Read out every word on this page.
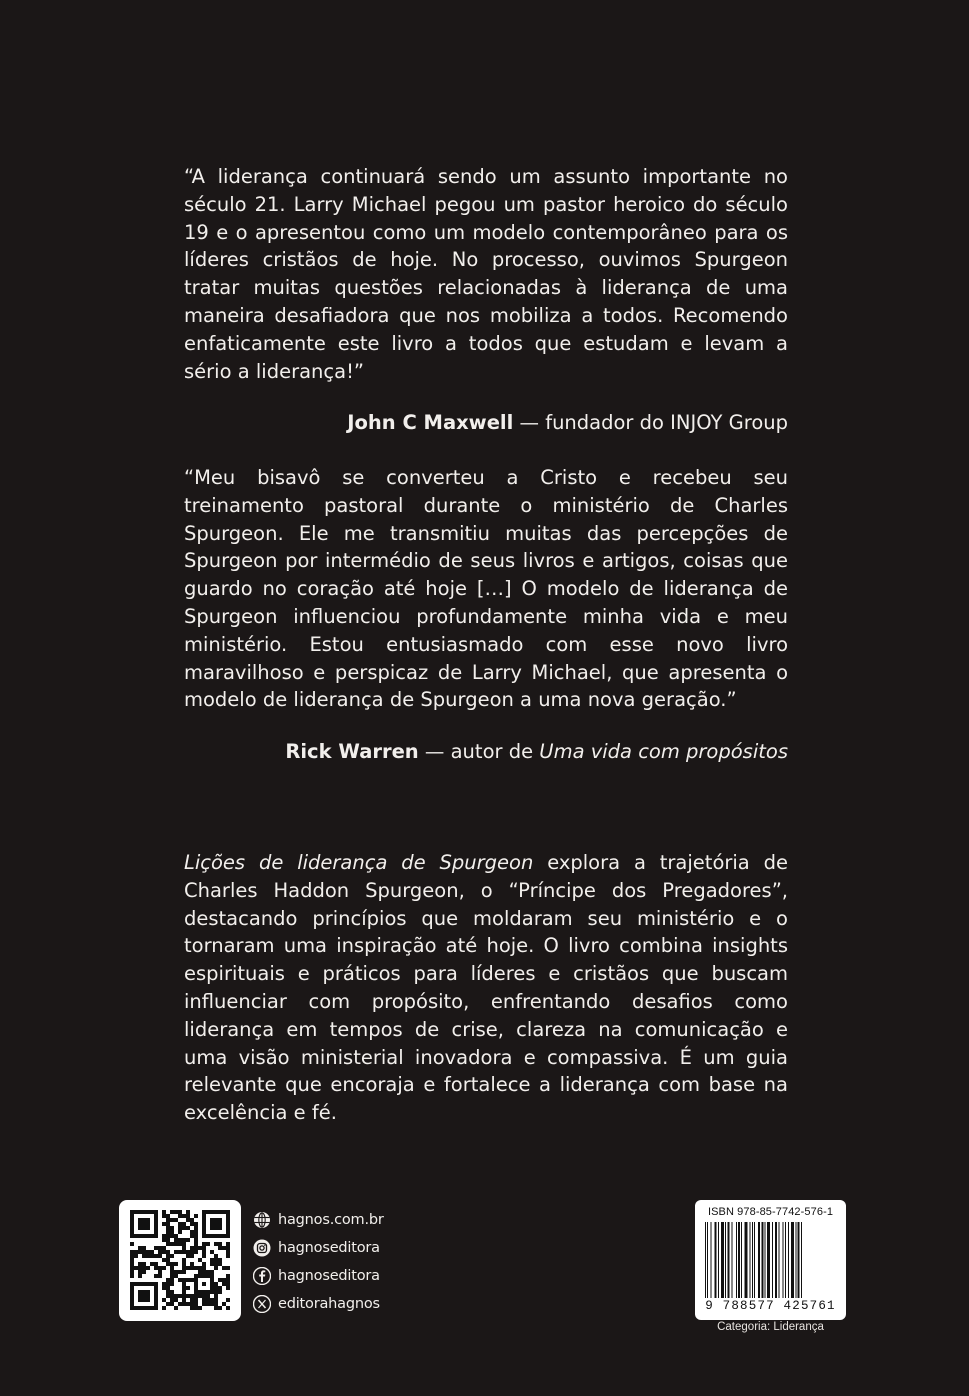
“A liderança continuará sendo um assunto importante no século 21. Larry Michael pegou um pastor heroico do século 19 e o apresentou como um modelo contemporâneo para os líderes cristãos de hoje. No processo, ouvimos Spurgeon tratar muitas questões relacionadas à liderança de uma maneira desafiadora que nos mobiliza a todos. Recomendo enfaticamente este livro a todos que estudam e levam a sério a liderança!”
John C Maxwell — fundador do INJOY Group
“Meu bisavô se converteu a Cristo e recebeu seu treinamento pastoral durante o ministério de Charles Spurgeon. Ele me transmitiu muitas das percepções de Spurgeon por intermédio de seus livros e artigos, coisas que guardo no coração até hoje […] O modelo de liderança de Spurgeon influenciou profundamente minha vida e meu ministério. Estou entusiasmado com esse novo livro maravilhoso e perspicaz de Larry Michael, que apresenta o modelo de liderança de Spurgeon a uma nova geração.”
Rick Warren — autor de Uma vida com propósitos
Lições de liderança de Spurgeon explora a trajetória de Charles Haddon Spurgeon, o “Príncipe dos Pregadores”, destacando princípios que moldaram seu ministério e o tornaram uma inspiração até hoje. O livro combina insights espirituais e práticos para líderes e cristãos que buscam influenciar com propósito, enfrentando desafios como liderança em tempos de crise, clareza na comunicação e uma visão ministerial inovadora e compassiva. É um guia relevante que encoraja e fortalece a liderança com base na excelência e fé.
hagnos.com.br
hagnoseditora
hagnoseditora
editorahagnos
ISBN 978-85-7742-576-1
9 788577 425761
Categoria: Liderança
